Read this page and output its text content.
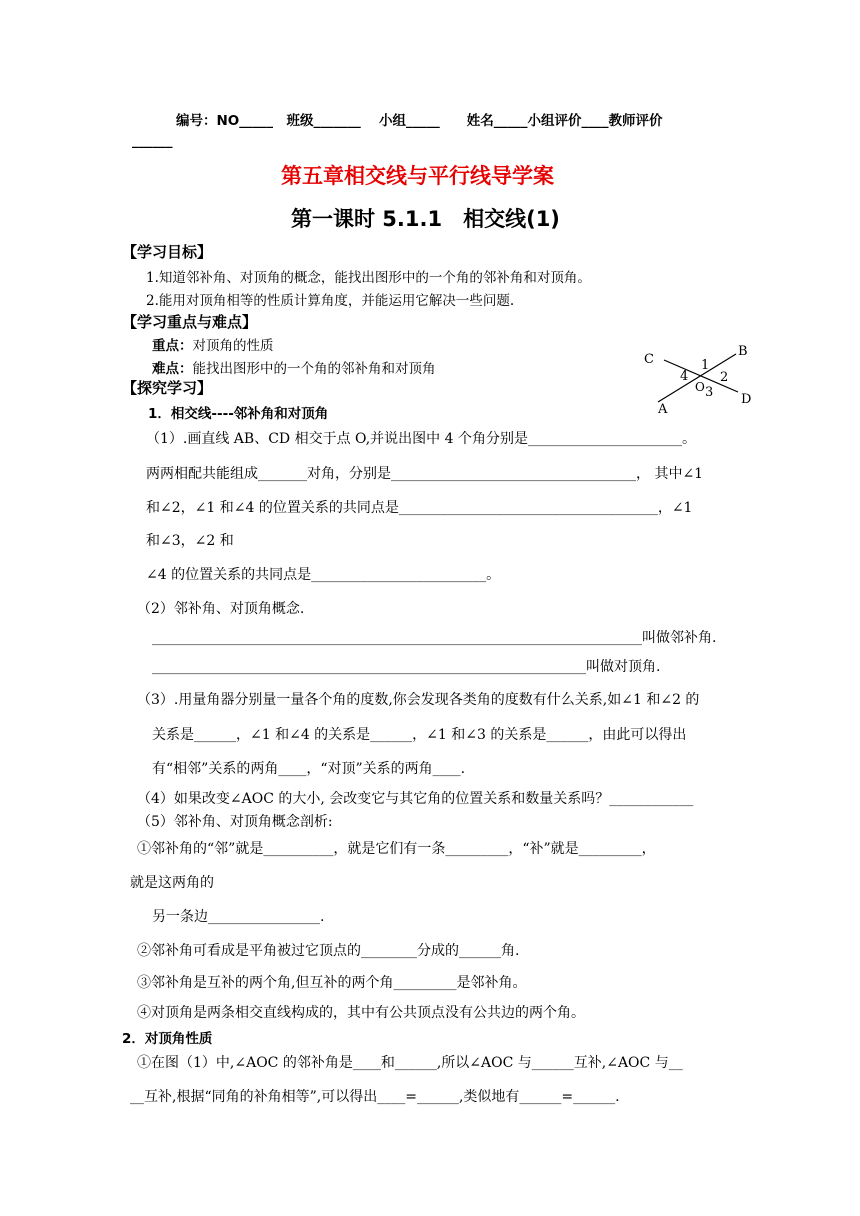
编号：NO_____　班级_______　 小组_____　　姓名_____小组评价____教师评价
______
第五章相交线与平行线导学案
第一课时 5.1.1　相交线(1)
【学习目标】
1.知道邻补角、对顶角的概念，能找出图形中的一个角的邻补角和对顶角。
2.能用对顶角相等的性质计算角度，并能运用它解决一些问题.
【学习重点与难点】
重点：对顶角的性质
难点：能找出图形中的一个角的邻补角和对顶角
B
C
D
A
O
1
2
3
4
【探究学习】
1．相交线----邻补角和对顶角
（1）.画直线 AB、CD 相交于点 O,并说出图中 4 个角分别是______________________。
两两相配共能组成_______对角，分别是___________________________________， 其中∠1
和∠2，∠1 和∠4 的位置关系的共同点是_____________________________________，∠1
和∠3，∠2 和
∠4 的位置关系的共同点是_________________________。
（2）邻补角、对顶角概念.
______________________________________________________________________叫做邻补角.
______________________________________________________________叫做对顶角.
（3）.用量角器分别量一量各个角的度数,你会发现各类角的度数有什么关系,如∠1 和∠2 的
关系是______，∠1 和∠4 的关系是______，∠1 和∠3 的关系是______，由此可以得出
有“相邻”关系的两角____，“对顶”关系的两角____.
（4）如果改变∠AOC 的大小, 会改变它与其它角的位置关系和数量关系吗？____________
（5）邻补角、对顶角概念剖析:
①邻补角的“邻”就是__________，就是它们有一条_________，“补”就是_________，
就是这两角的
另一条边________________.
②邻补角可看成是平角被过它顶点的________分成的______角.
③邻补角是互补的两个角,但互补的两个角_________是邻补角。
④对顶角是两条相交直线构成的，其中有公共顶点没有公共边的两个角。
2．对顶角性质
①在图（1）中,∠AOC 的邻补角是____和______,所以∠AOC 与______互补,∠AOC 与__
__互补,根据“同角的补角相等”,可以得出____=______,类似地有______=______.
